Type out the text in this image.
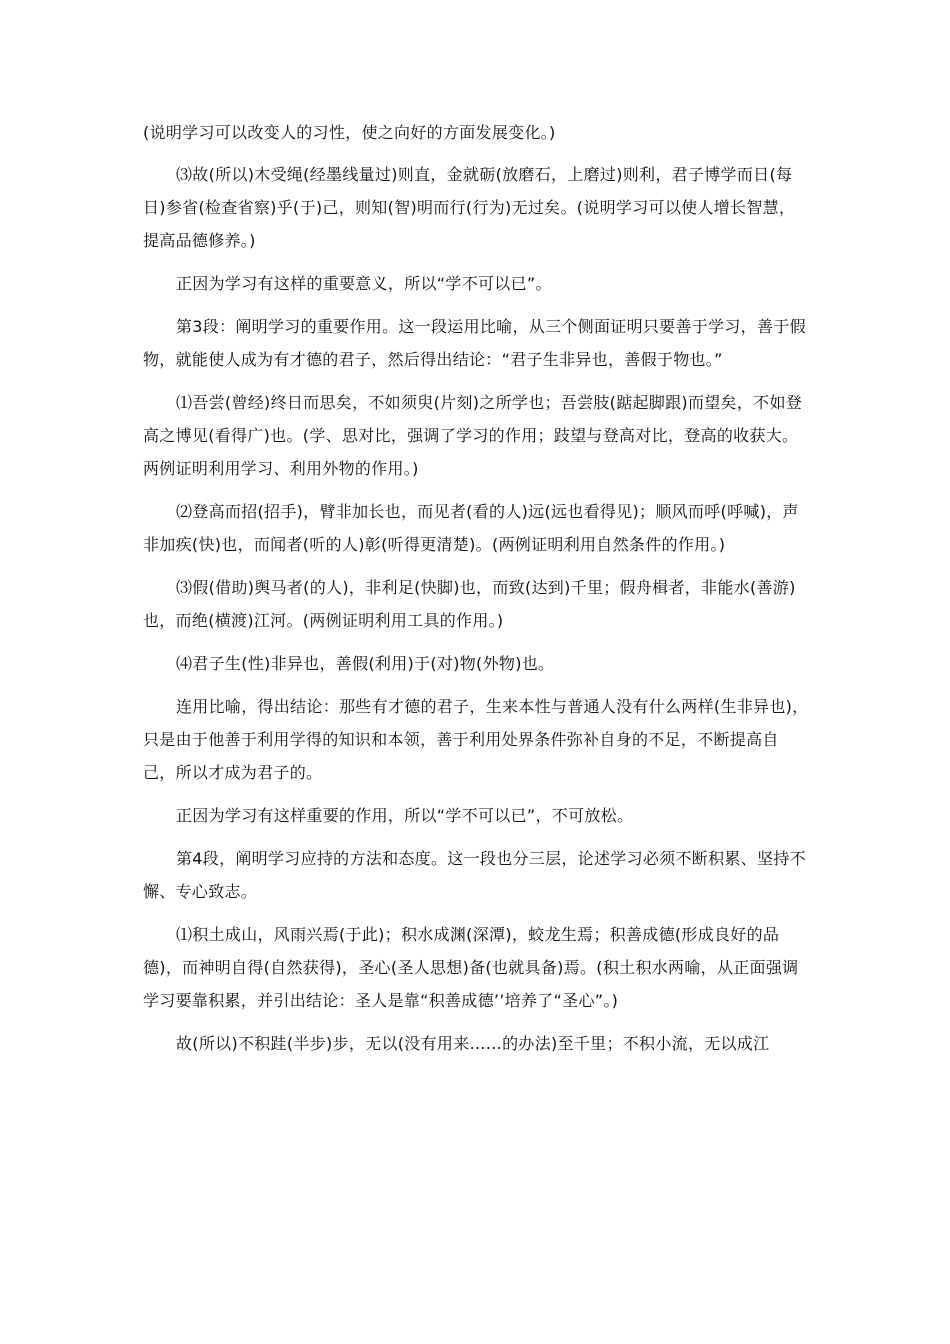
(说明学习可以改变人的习性，使之向好的方面发展变化。)

⑶故(所以)木受绳(经墨线量过)则直，金就砺(放磨石，上磨过)则利，君子博学而日(每日)参省(检查省察)乎(于)己，则知(智)明而行(行为)无过矣。(说明学习可以使人增长智慧，提高品德修养。)

正因为学习有这样的重要意义，所以“学不可以已”。

第3段：阐明学习的重要作用。这一段运用比喻，从三个侧面证明只要善于学习，善于假物，就能使人成为有才德的君子，然后得出结论：“君子生非异也，善假于物也。”

⑴吾尝(曾经)终日而思矣，不如须臾(片刻)之所学也；吾尝肢(踮起脚跟)而望矣，不如登高之博见(看得广)也。(学、思对比，强调了学习的作用；跂望与登高对比，登高的收获大。两例证明利用学习、利用外物的作用。)

⑵登高而招(招手)，臂非加长也，而见者(看的人)远(远也看得见)；顺风而呼(呼喊)，声非加疾(快)也，而闻者(听的人)彰(听得更清楚)。(两例证明利用自然条件的作用。)

⑶假(借助)舆马者(的人)，非利足(快脚)也，而致(达到)千里；假舟楫者，非能水(善游)也，而绝(横渡)江河。(两例证明利用工具的作用。)

⑷君子生(性)非异也，善假(利用)于(对)物(外物)也。

连用比喻，得出结论：那些有才德的君子，生来本性与普通人没有什么两样(生非异也)，只是由于他善于利用学得的知识和本领，善于利用处界条件弥补自身的不足，不断提高自己，所以才成为君子的。

正因为学习有这样重要的作用，所以“学不可以已”，不可放松。

第4段，阐明学习应持的方法和态度。这一段也分三层，论述学习必须不断积累、坚持不懈、专心致志。

⑴积土成山，风雨兴焉(于此)；积水成渊(深潭)，蛟龙生焉；积善成德(形成良好的品德)，而神明自得(自然获得)，圣心(圣人思想)备(也就具备)焉。(积土积水两喻，从正面强调学习要靠积累，并引出结论：圣人是靠“积善成德’’培养了“圣心”。)

故(所以)不积跬(半步)步，无以(没有用来……的办法)至千里；不积小流，无以成江
